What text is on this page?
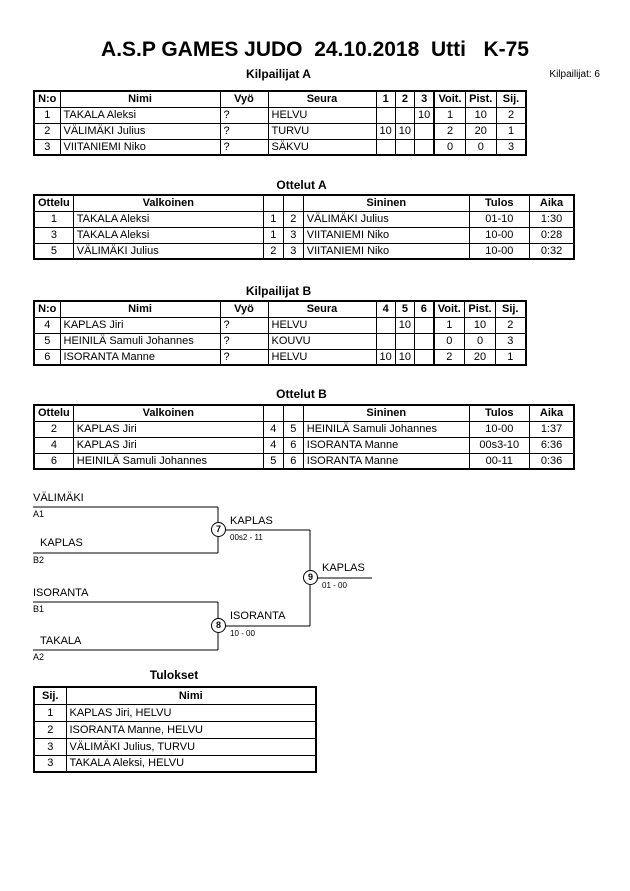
A.S.P GAMES JUDO  24.10.2018  Utti   K-75
Kilpailijat: 6
Kilpailijat A
N:o	Nimi	Vyö	Seura	1	2	3	Voit.	Pist.	Sij.
1	TAKALA Aleksi	?	HELVU			10	1	10	2
2	VÄLIMÄKI Julius	?	TURVU	10	10		2	20	1
3	VIITANIEMI Niko	?	SÄKVU				0	0	3
Ottelut A
Ottelu	Valkoinen			Sininen	Tulos	Aika
1	TAKALA Aleksi	1	2	VÄLIMÄKI Julius	01-10	1:30
3	TAKALA Aleksi	1	3	VIITANIEMI Niko	10-00	0:28
5	VÄLIMÄKI Julius	2	3	VIITANIEMI Niko	10-00	0:32
Kilpailijat B
N:o	Nimi	Vyö	Seura	4	5	6	Voit.	Pist.	Sij.
4	KAPLAS Jiri	?	HELVU		10		1	10	2
5	HEINILÄ Samuli Johannes	?	KOUVU				0	0	3
6	ISORANTA Manne	?	HELVU	10	10		2	20	1
Ottelut B
Ottelu	Valkoinen			Sininen	Tulos	Aika
2	KAPLAS Jiri	4	5	HEINILÄ Samuli Johannes	10-00	1:37
4	KAPLAS Jiri	4	6	ISORANTA Manne	00s3-10	6:36
6	HEINILÄ Samuli Johannes	5	6	ISORANTA Manne	00-11	0:36
VÄLIMÄKI
A1
KAPLAS
B2
7
KAPLAS
00s2 - 11
ISORANTA
B1
TAKALA
A2
8
ISORANTA
10 - 00
9
KAPLAS
01 - 00
Tulokset
Sij.	Nimi
1	KAPLAS Jiri, HELVU
2	ISORANTA Manne, HELVU
3	VÄLIMÄKI Julius, TURVU
3	TAKALA Aleksi, HELVU
